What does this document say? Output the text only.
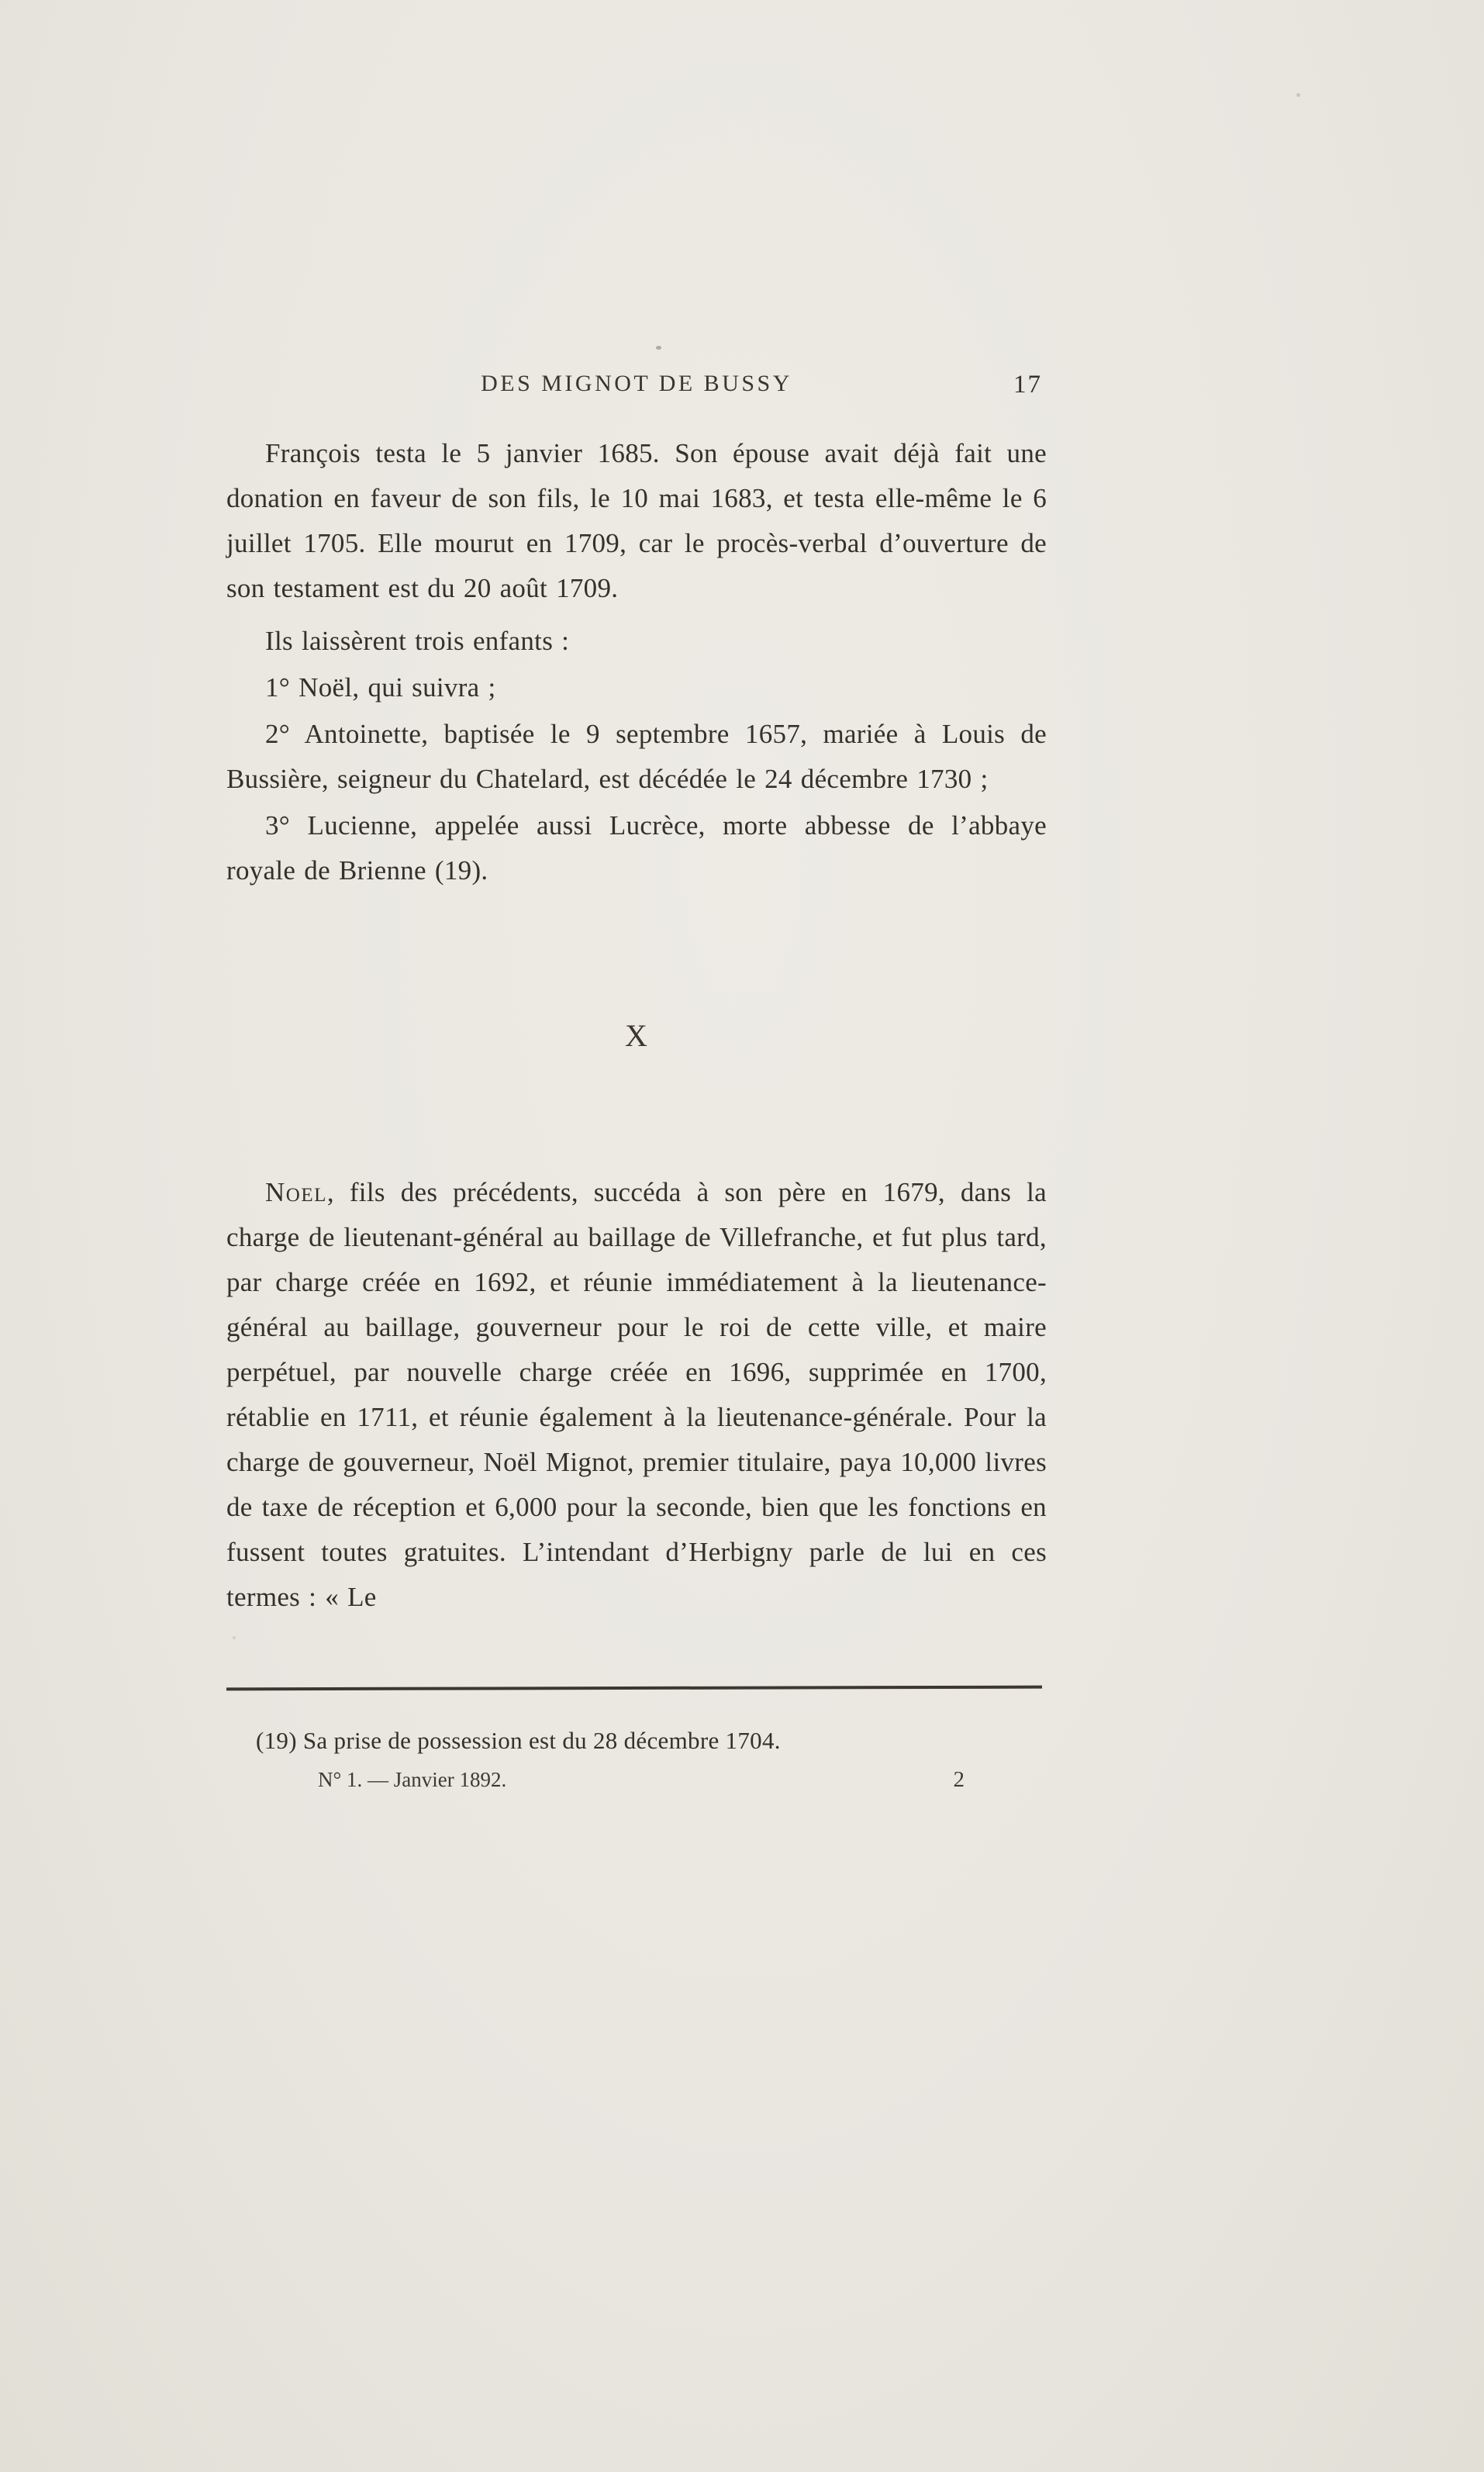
DES MIGNOT DE BUSSY	17

François testa le 5 janvier 1685. Son épouse avait déjà fait une donation en faveur de son fils, le 10 mai 1683, et testa elle-même le 6 juillet 1705. Elle mourut en 1709, car le procès-verbal d’ouverture de son testament est du 20 août 1709.

Ils laissèrent trois enfants :

1° Noël, qui suivra ;

2° Antoinette, baptisée le 9 septembre 1657, mariée à Louis de Bussière, seigneur du Chatelard, est décédée le 24 décembre 1730 ;

3° Lucienne, appelée aussi Lucrèce, morte abbesse de l’abbaye royale de Brienne (19).

X

Noel, fils des précédents, succéda à son père en 1679, dans la charge de lieutenant-général au baillage de Villefranche, et fut plus tard, par charge créée en 1692, et réunie immédiatement à la lieutenance-général au baillage, gouverneur pour le roi de cette ville, et maire perpétuel, par nouvelle charge créée en 1696, supprimée en 1700, rétablie en 1711, et réunie également à la lieutenance-générale. Pour la charge de gouverneur, Noël Mignot, premier titulaire, paya 10,000 livres de taxe de réception et 6,000 pour la seconde, bien que les fonctions en fussent toutes gratuites. L’intendant d’Herbigny parle de lui en ces termes : « Le

(19) Sa prise de possession est du 28 décembre 1704.

N° 1. — Janvier 1892.	2
